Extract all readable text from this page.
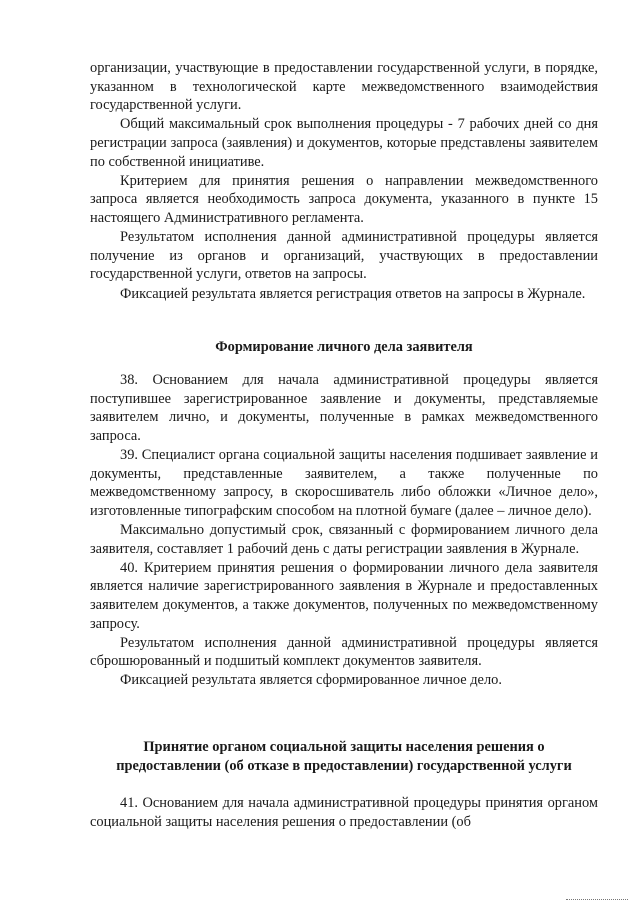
организации, участвующие в предоставлении государственной услуги, в порядке, указанном в технологической карте межведомственного взаимодействия государственной услуги.

Общий максимальный срок выполнения процедуры - 7 рабочих дней со дня регистрации запроса (заявления) и документов, которые представлены заявителем по собственной инициативе.

Критерием для принятия решения о направлении межведомственного запроса является необходимость запроса документа, указанного в пункте 15 настоящего Административного регламента.

Результатом исполнения данной административной процедуры является получение из органов и организаций, участвующих в предоставлении государственной услуги, ответов на запросы.

Фиксацией результата является регистрация ответов на запросы в Журнале.

Формирование личного дела заявителя

38. Основанием для начала административной процедуры является поступившее зарегистрированное заявление и документы, представляемые заявителем лично, и документы, полученные в рамках межведомственного запроса.

39. Специалист органа социальной защиты населения подшивает заявление и документы, представленные заявителем, а также полученные по межведомственному запросу, в скоросшиватель либо обложки «Личное дело», изготовленные типографским способом на плотной бумаге (далее – личное дело).

Максимально допустимый срок, связанный с формированием личного дела заявителя, составляет 1 рабочий день с даты регистрации заявления в Журнале.

40. Критерием принятия решения о формировании личного дела заявителя является наличие зарегистрированного заявления в Журнале и предоставленных заявителем документов, а также документов, полученных по межведомственному запросу.

Результатом исполнения данной административной процедуры является сброшюрованный и подшитый комплект документов заявителя.

Фиксацией результата является сформированное личное дело.

Принятие органом социальной защиты населения решения о
предоставлении (об отказе в предоставлении) государственной услуги

41. Основанием для начала административной процедуры принятия органом социальной защиты населения решения о предоставлении (об
